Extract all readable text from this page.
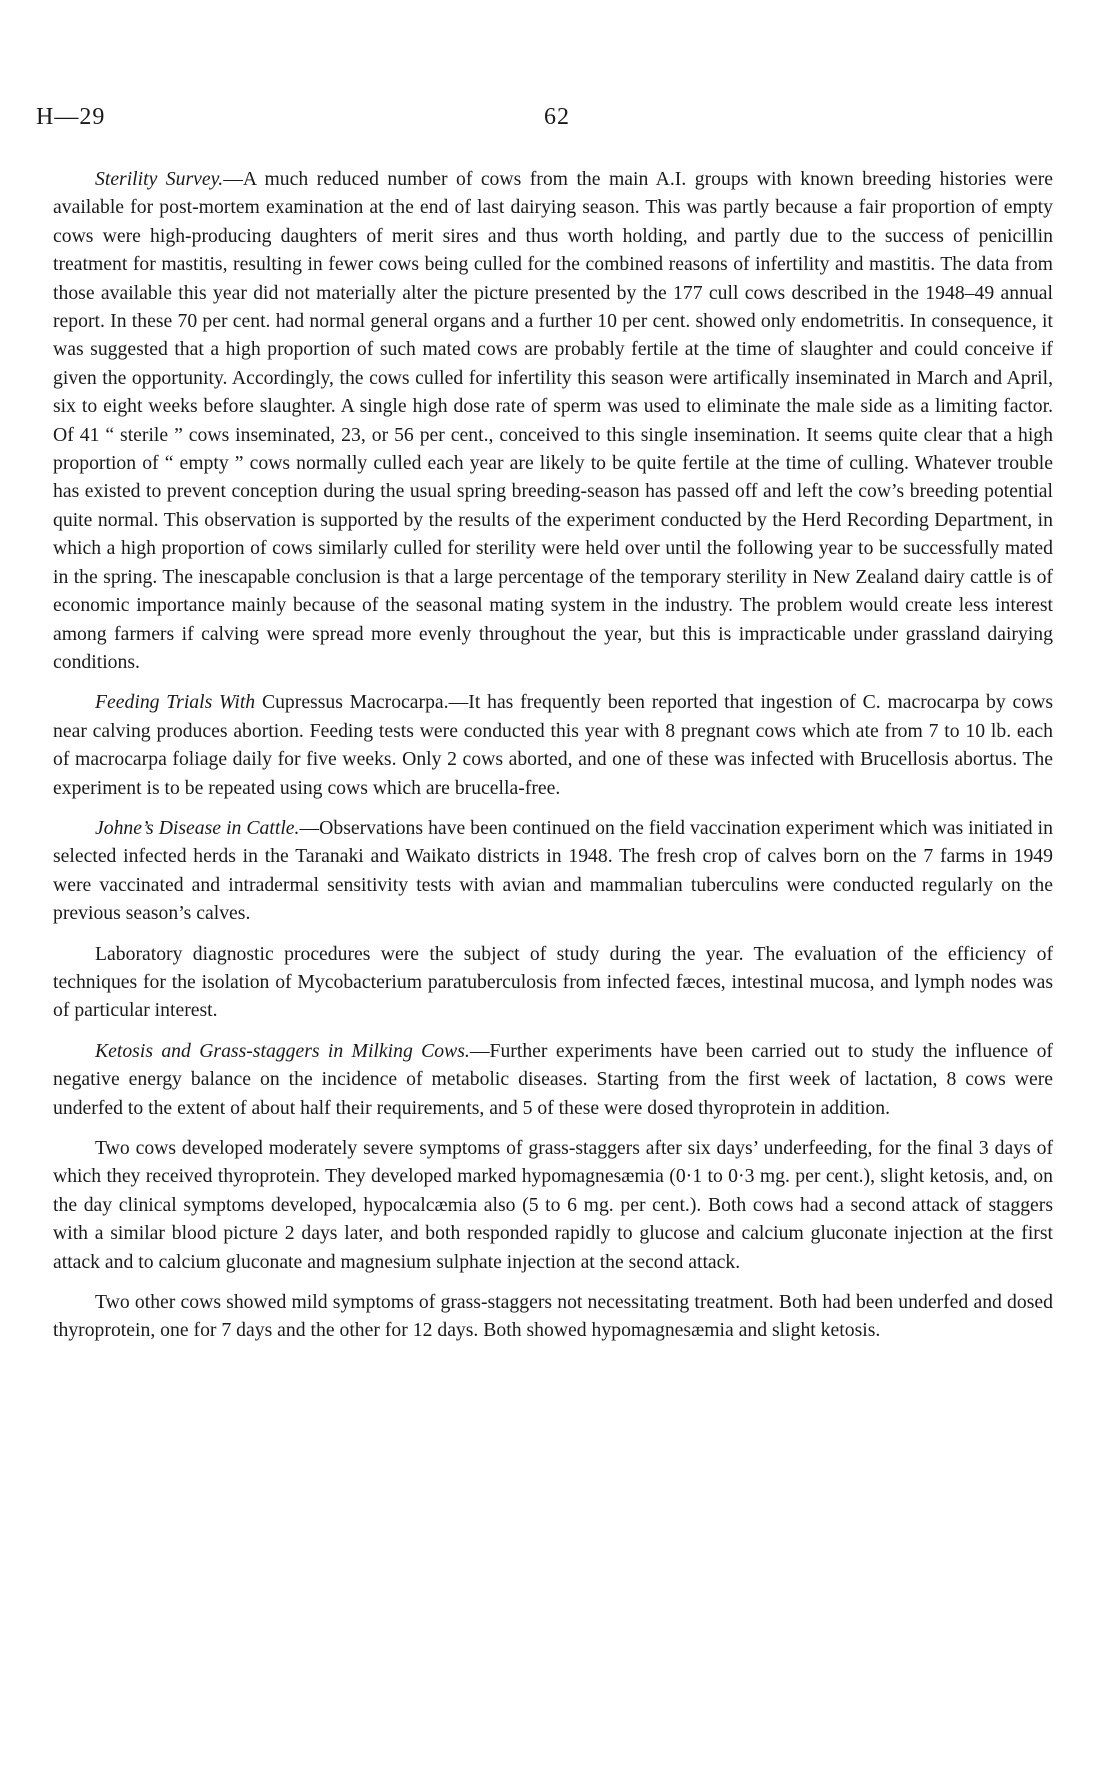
H—29	62

Sterility Survey.—A much reduced number of cows from the main A.I. groups with known breeding histories were available for post-mortem examination at the end of last dairying season. This was partly because a fair proportion of empty cows were high-producing daughters of merit sires and thus worth holding, and partly due to the success of penicillin treatment for mastitis, resulting in fewer cows being culled for the combined reasons of infertility and mastitis. The data from those available this year did not materially alter the picture presented by the 177 cull cows described in the 1948–49 annual report. In these 70 per cent. had normal general organs and a further 10 per cent. showed only endometritis. In consequence, it was suggested that a high proportion of such mated cows are probably fertile at the time of slaughter and could conceive if given the opportunity. Accordingly, the cows culled for infertility this season were artifically inseminated in March and April, six to eight weeks before slaughter. A single high dose rate of sperm was used to eliminate the male side as a limiting factor. Of 41 “ sterile ” cows inseminated, 23, or 56 per cent., conceived to this single insemination. It seems quite clear that a high proportion of “ empty ” cows normally culled each year are likely to be quite fertile at the time of culling. Whatever trouble has existed to prevent conception during the usual spring breeding-season has passed off and left the cow’s breeding potential quite normal. This observation is supported by the results of the experiment conducted by the Herd Recording Department, in which a high proportion of cows similarly culled for sterility were held over until the following year to be successfully mated in the spring. The inescapable conclusion is that a large percentage of the temporary sterility in New Zealand dairy cattle is of economic importance mainly because of the seasonal mating system in the industry. The problem would create less interest among farmers if calving were spread more evenly throughout the year, but this is impracticable under grassland dairying conditions.

Feeding Trials With Cupressus Macrocarpa.—It has frequently been reported that ingestion of C. macrocarpa by cows near calving produces abortion. Feeding tests were conducted this year with 8 pregnant cows which ate from 7 to 10 lb. each of macrocarpa foliage daily for five weeks. Only 2 cows aborted, and one of these was infected with Brucellosis abortus. The experiment is to be repeated using cows which are brucella-free.

Johne’s Disease in Cattle.—Observations have been continued on the field vaccination experiment which was initiated in selected infected herds in the Taranaki and Waikato districts in 1948. The fresh crop of calves born on the 7 farms in 1949 were vaccinated and intradermal sensitivity tests with avian and mammalian tuberculins were conducted regularly on the previous season’s calves.

Laboratory diagnostic procedures were the subject of study during the year. The evaluation of the efficiency of techniques for the isolation of Mycobacterium paratuberculosis from infected fæces, intestinal mucosa, and lymph nodes was of particular interest.

Ketosis and Grass-staggers in Milking Cows.—Further experiments have been carried out to study the influence of negative energy balance on the incidence of metabolic diseases. Starting from the first week of lactation, 8 cows were underfed to the extent of about half their requirements, and 5 of these were dosed thyroprotein in addition.

Two cows developed moderately severe symptoms of grass-staggers after six days’ underfeeding, for the final 3 days of which they received thyroprotein. They developed marked hypomagnesæmia (0·1 to 0·3 mg. per cent.), slight ketosis, and, on the day clinical symptoms developed, hypocalcæmia also (5 to 6 mg. per cent.). Both cows had a second attack of staggers with a similar blood picture 2 days later, and both responded rapidly to glucose and calcium gluconate injection at the first attack and to calcium gluconate and magnesium sulphate injection at the second attack.

Two other cows showed mild symptoms of grass-staggers not necessitating treatment. Both had been underfed and dosed thyroprotein, one for 7 days and the other for 12 days. Both showed hypomagnesæmia and slight ketosis.
